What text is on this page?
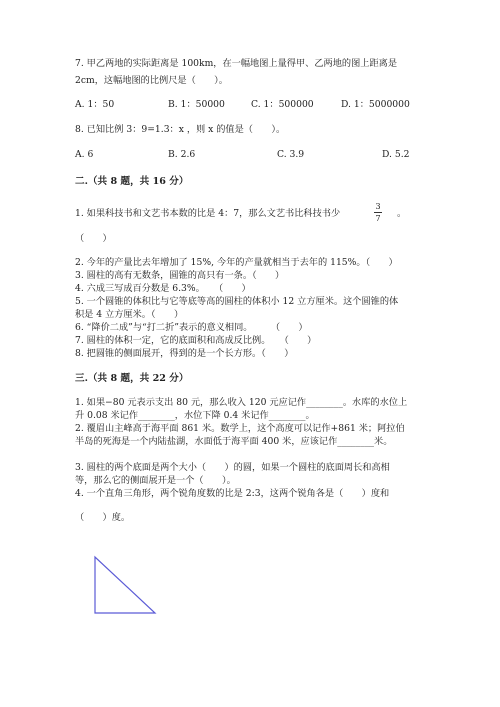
7. 甲乙两地的实际距离是 100km，在一幅地图上量得甲、乙两地的图上距离是
2cm，这幅地图的比例尺是（　　）。
A. 1：50	B. 1：50000	C. 1：500000	D. 1：5000000
8. 已知比例 3：9=1.3：x ，则 x 的值是（　　）。
A. 6	B. 2.6	C. 3.9	D. 5.2
二.（共 8 题，共 16 分）
1. 如果科技书和文艺书本数的比是 4：7，那么文艺书比科技书少
3
7 。
（　　）
2. 今年的产量比去年增加了 15%, 今年的产量就相当于去年的 115%。（　　）
3. 圆柱的高有无数条，圆锥的高只有一条。（　　）
4. 六成三写成百分数是 6.3%。　　（　　）
5. 一个圆锥的体积比与它等底等高的圆柱的体积小 12 立方厘米。这个圆锥的体
积是 4 立方厘米。（　　）
6. “降价二成”与“打二折”表示的意义相同。　　　（　　）
7. 圆柱的体积一定，它的底面积和高成反比例。　　（　　）
8. 把圆锥的侧面展开，得到的是一个长方形。（　　）
三.（共 8 题，共 22 分）
1. 如果−80 元表示支出 80 元，那么收入 120 元应记作________。水库的水位上
升 0.08 米记作________，水位下降 0.4 米记作________。
2. 覆眉山主峰高于海平面 861 米。数学上，这个高度可以记作+861 米；阿拉伯
半岛的死海是一个内陆盐湖，水面低于海平面 400 米，应该记作________米。
3. 圆柱的两个底面是两个大小（　　）的圆，如果一个圆柱的底面周长和高相
等，那么它的侧面展开是一个（　　）。
4. 一个直角三角形，两个锐角度数的比是 2:3，这两个锐角各是（　　）度和
（　　）度。
